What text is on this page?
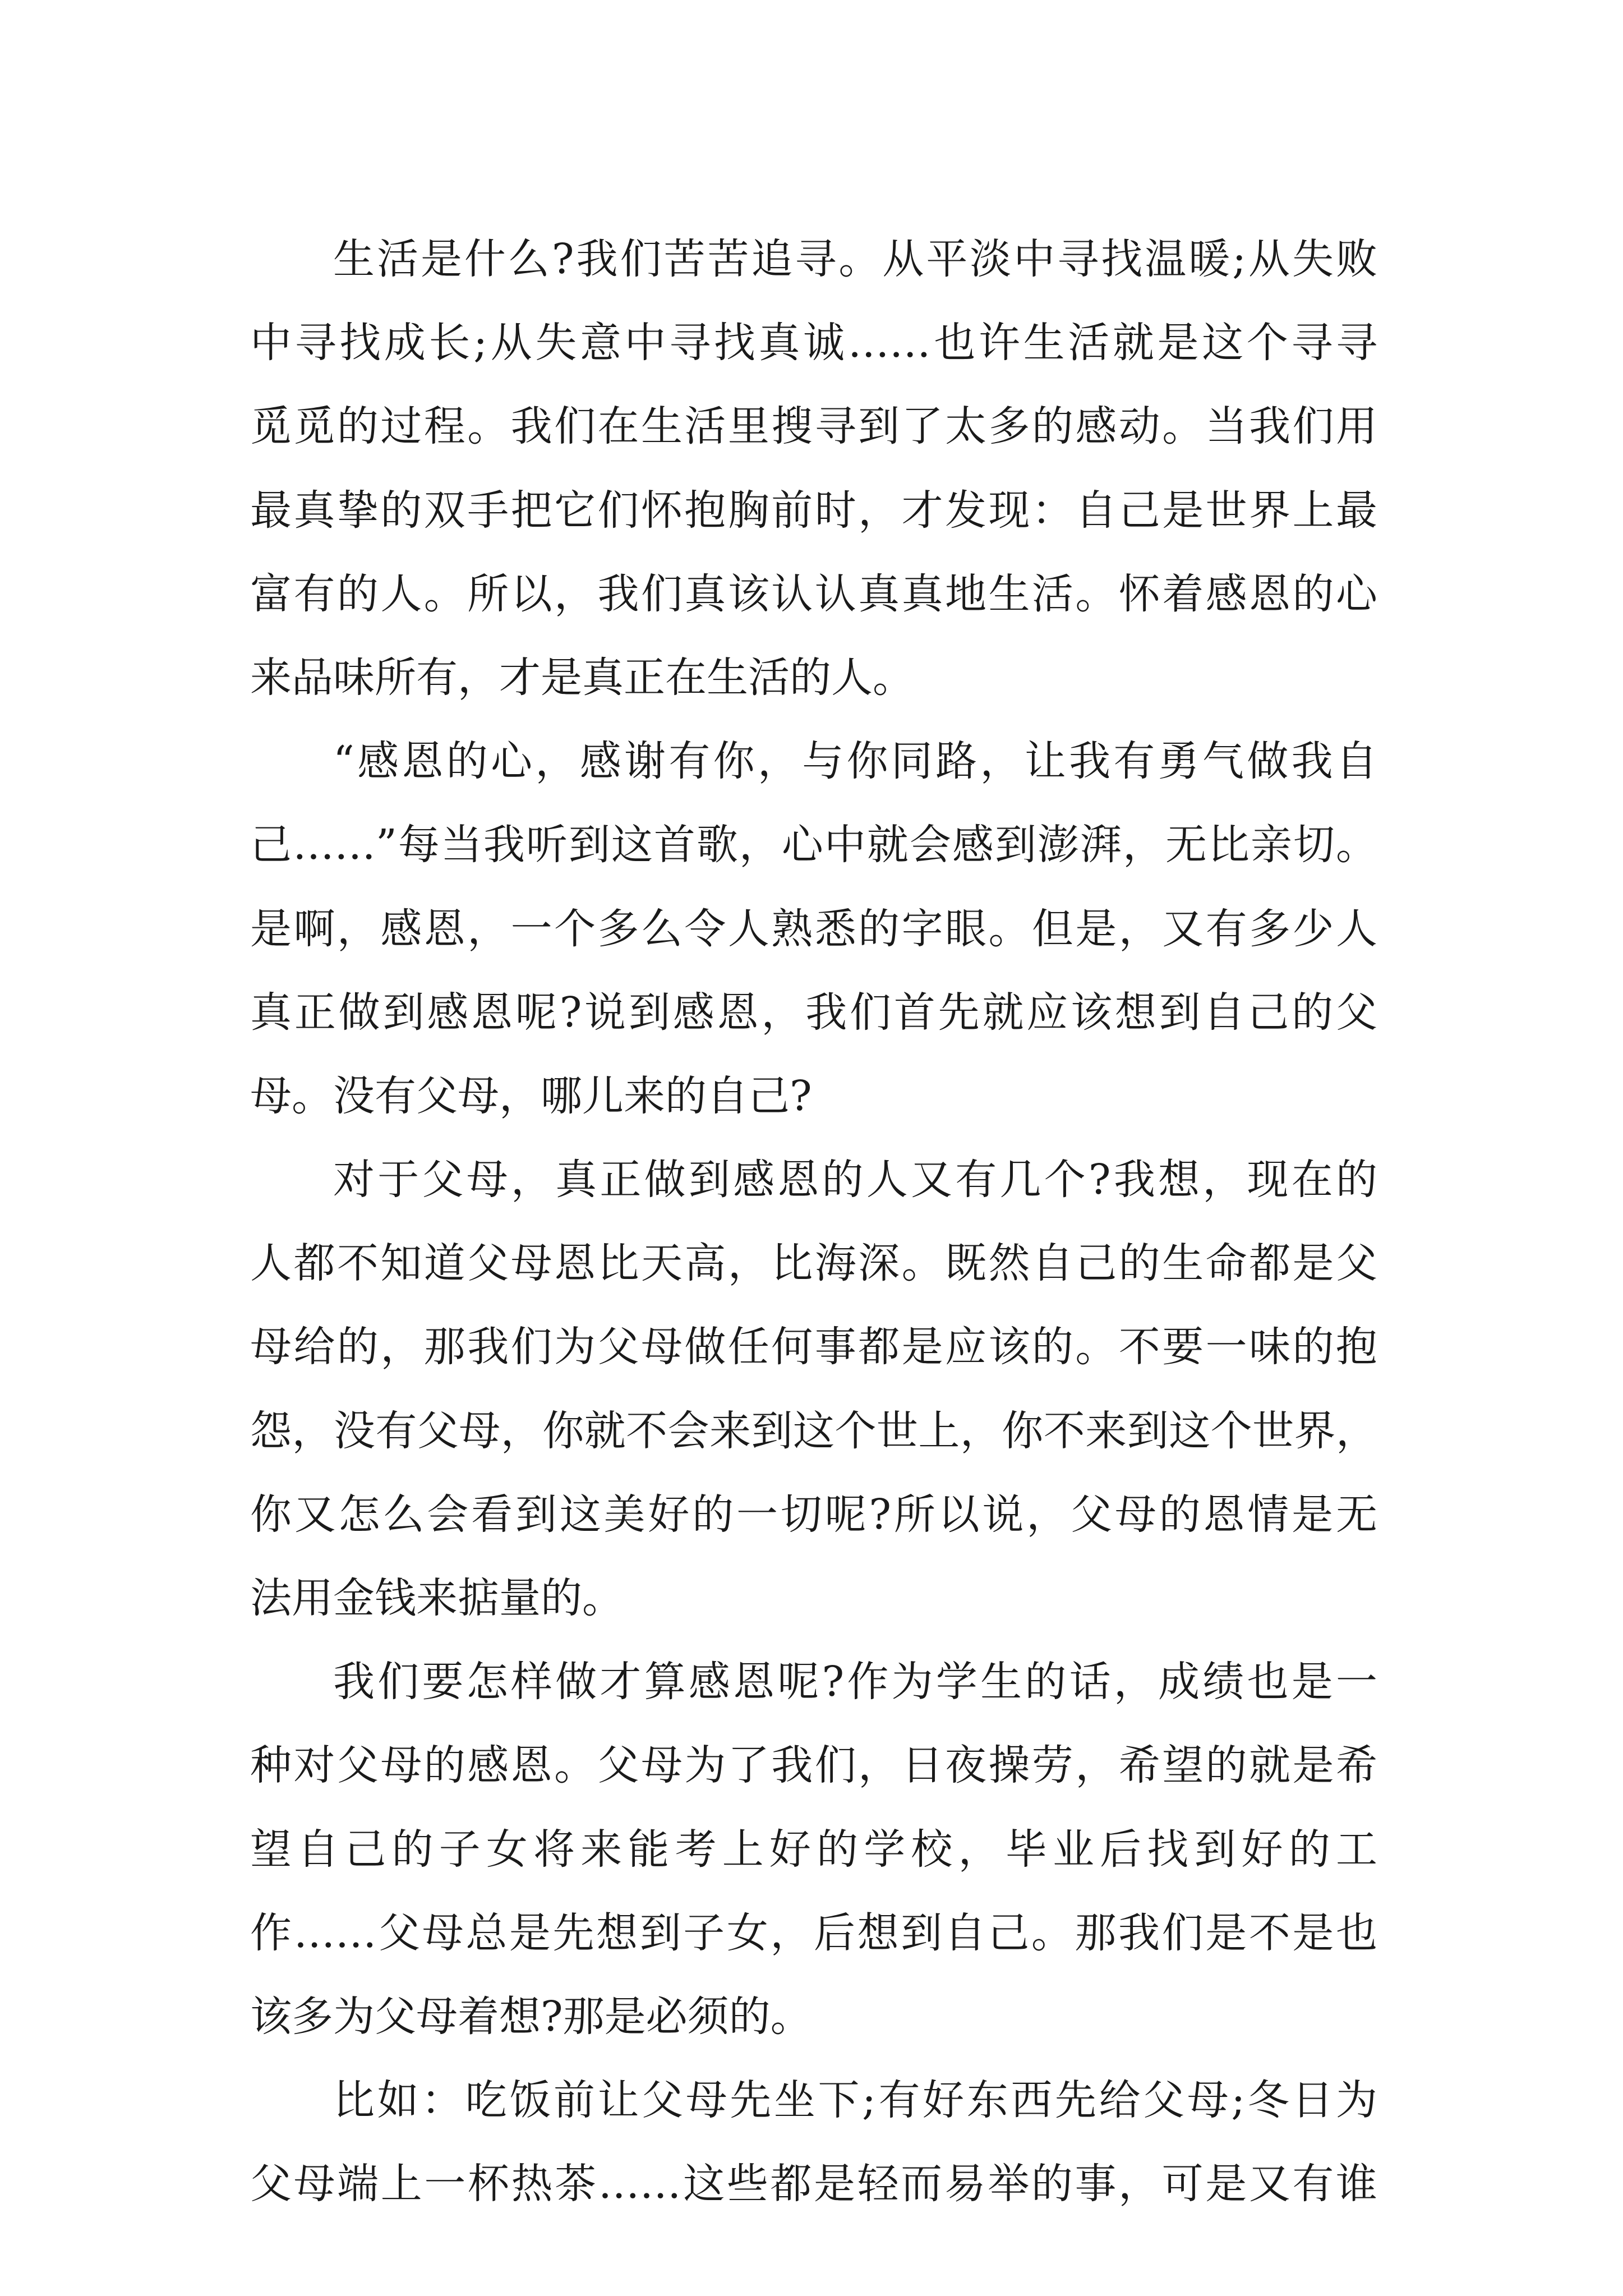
生活是什么?我们苦苦追寻。从平淡中寻找温暖;从失败
中寻找成长;从失意中寻找真诚……也许生活就是这个寻寻
觅觅的过程。我们在生活里搜寻到了太多的感动。当我们用
最真挚的双手把它们怀抱胸前时，才发现：自己是世界上最
富有的人。所以，我们真该认认真真地生活。怀着感恩的心
来品味所有，才是真正在生活的人。
“感恩的心，感谢有你，与你同路，让我有勇气做我自
己……”每当我听到这首歌，心中就会感到澎湃，无比亲切。
是啊，感恩，一个多么令人熟悉的字眼。但是，又有多少人
真正做到感恩呢?说到感恩，我们首先就应该想到自己的父
母。没有父母，哪儿来的自己?
对于父母，真正做到感恩的人又有几个?我想，现在的
人都不知道父母恩比天高，比海深。既然自己的生命都是父
母给的，那我们为父母做任何事都是应该的。不要一味的抱
怨，没有父母，你就不会来到这个世上，你不来到这个世界，
你又怎么会看到这美好的一切呢?所以说，父母的恩情是无
法用金钱来掂量的。
我们要怎样做才算感恩呢?作为学生的话，成绩也是一
种对父母的感恩。父母为了我们，日夜操劳，希望的就是希
望自己的子女将来能考上好的学校，毕业后找到好的工
作……父母总是先想到子女，后想到自己。那我们是不是也
该多为父母着想?那是必须的。
比如：吃饭前让父母先坐下;有好东西先给父母;冬日为
父母端上一杯热茶……这些都是轻而易举的事，可是又有谁
